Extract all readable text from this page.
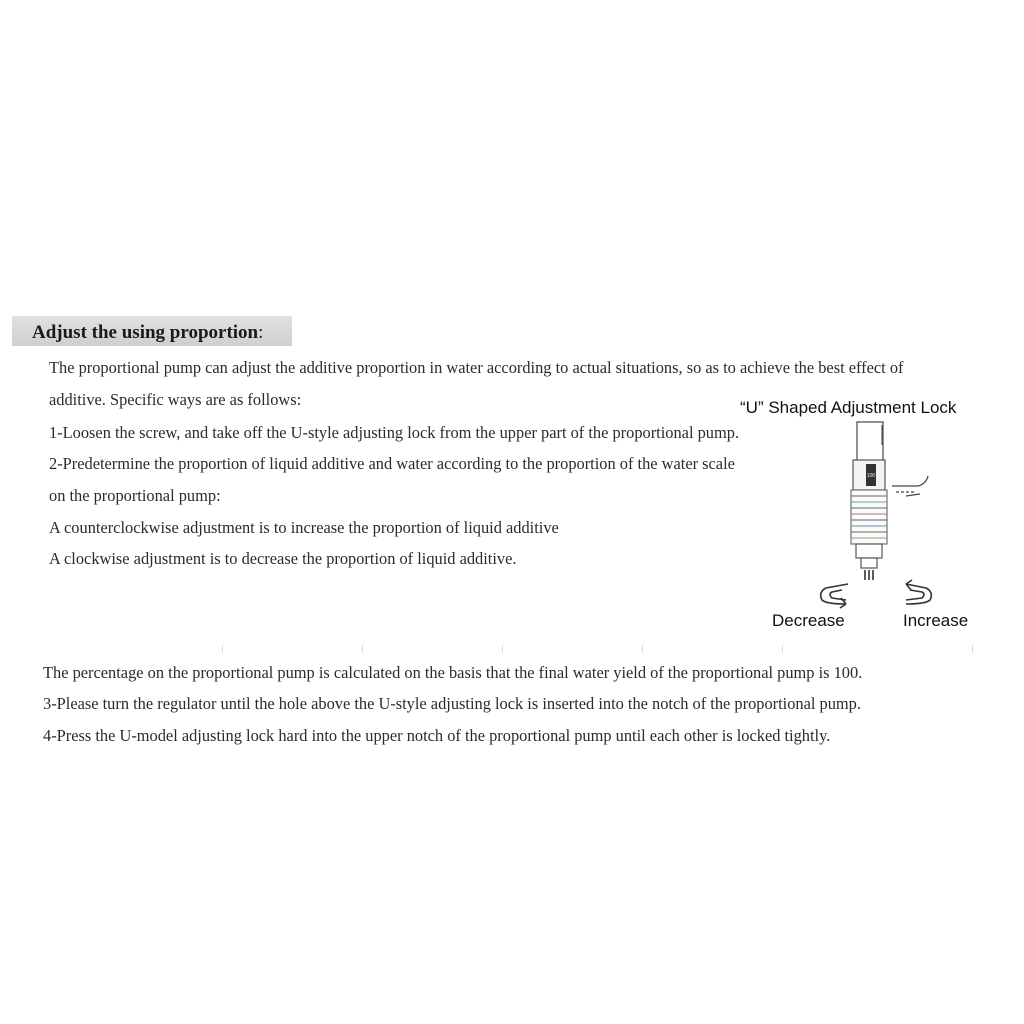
Adjust the using proportion:
The proportional pump can adjust the additive proportion in water according to actual situations, so as to achieve the best effect of
additive. Specific ways are as follows:
1-Loosen the screw, and take off the U-style adjusting lock from the upper part of the proportional pump.
2-Predetermine the proportion of liquid additive and water according to the proportion of the water scale
on the proportional pump:
A counterclockwise adjustment is to increase the proportion of liquid additive
A clockwise adjustment is to decrease the proportion of liquid additive.
“U” Shaped Adjustment Lock
100
Decrease	Increase
The percentage on the proportional pump is calculated on the basis that the final water yield of the proportional pump is 100.
3-Please turn the regulator until the hole above the U-style adjusting lock is inserted into the notch of the proportional pump.
4-Press the U-model adjusting lock hard into the upper notch of the proportional pump until each other is locked tightly.
